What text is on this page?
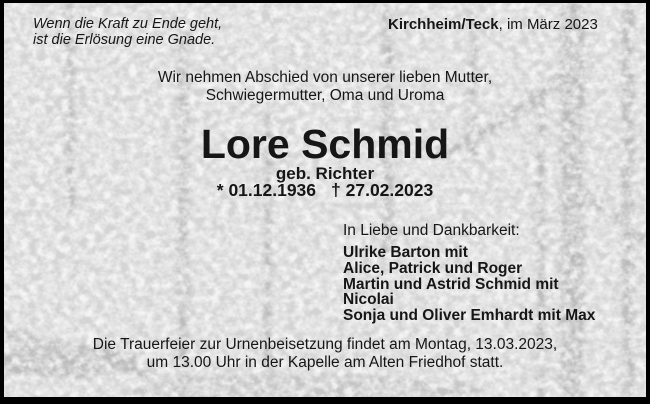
Wenn die Kraft zu Ende geht,
ist die Erlösung eine Gnade.
Kirchheim/Teck, im März 2023
Wir nehmen Abschied von unserer lieben Mutter,
Schwiegermutter, Oma und Uroma
Lore Schmid
geb. Richter
* 01.12.1936 † 27.02.2023
In Liebe und Dankbarkeit:
Ulrike Barton mit
Alice, Patrick und Roger
Martin und Astrid Schmid mit
Nicolai
Sonja und Oliver Emhardt mit Max
Die Trauerfeier zur Urnenbeisetzung findet am Montag, 13.03.2023,
um 13.00 Uhr in der Kapelle am Alten Friedhof statt.
